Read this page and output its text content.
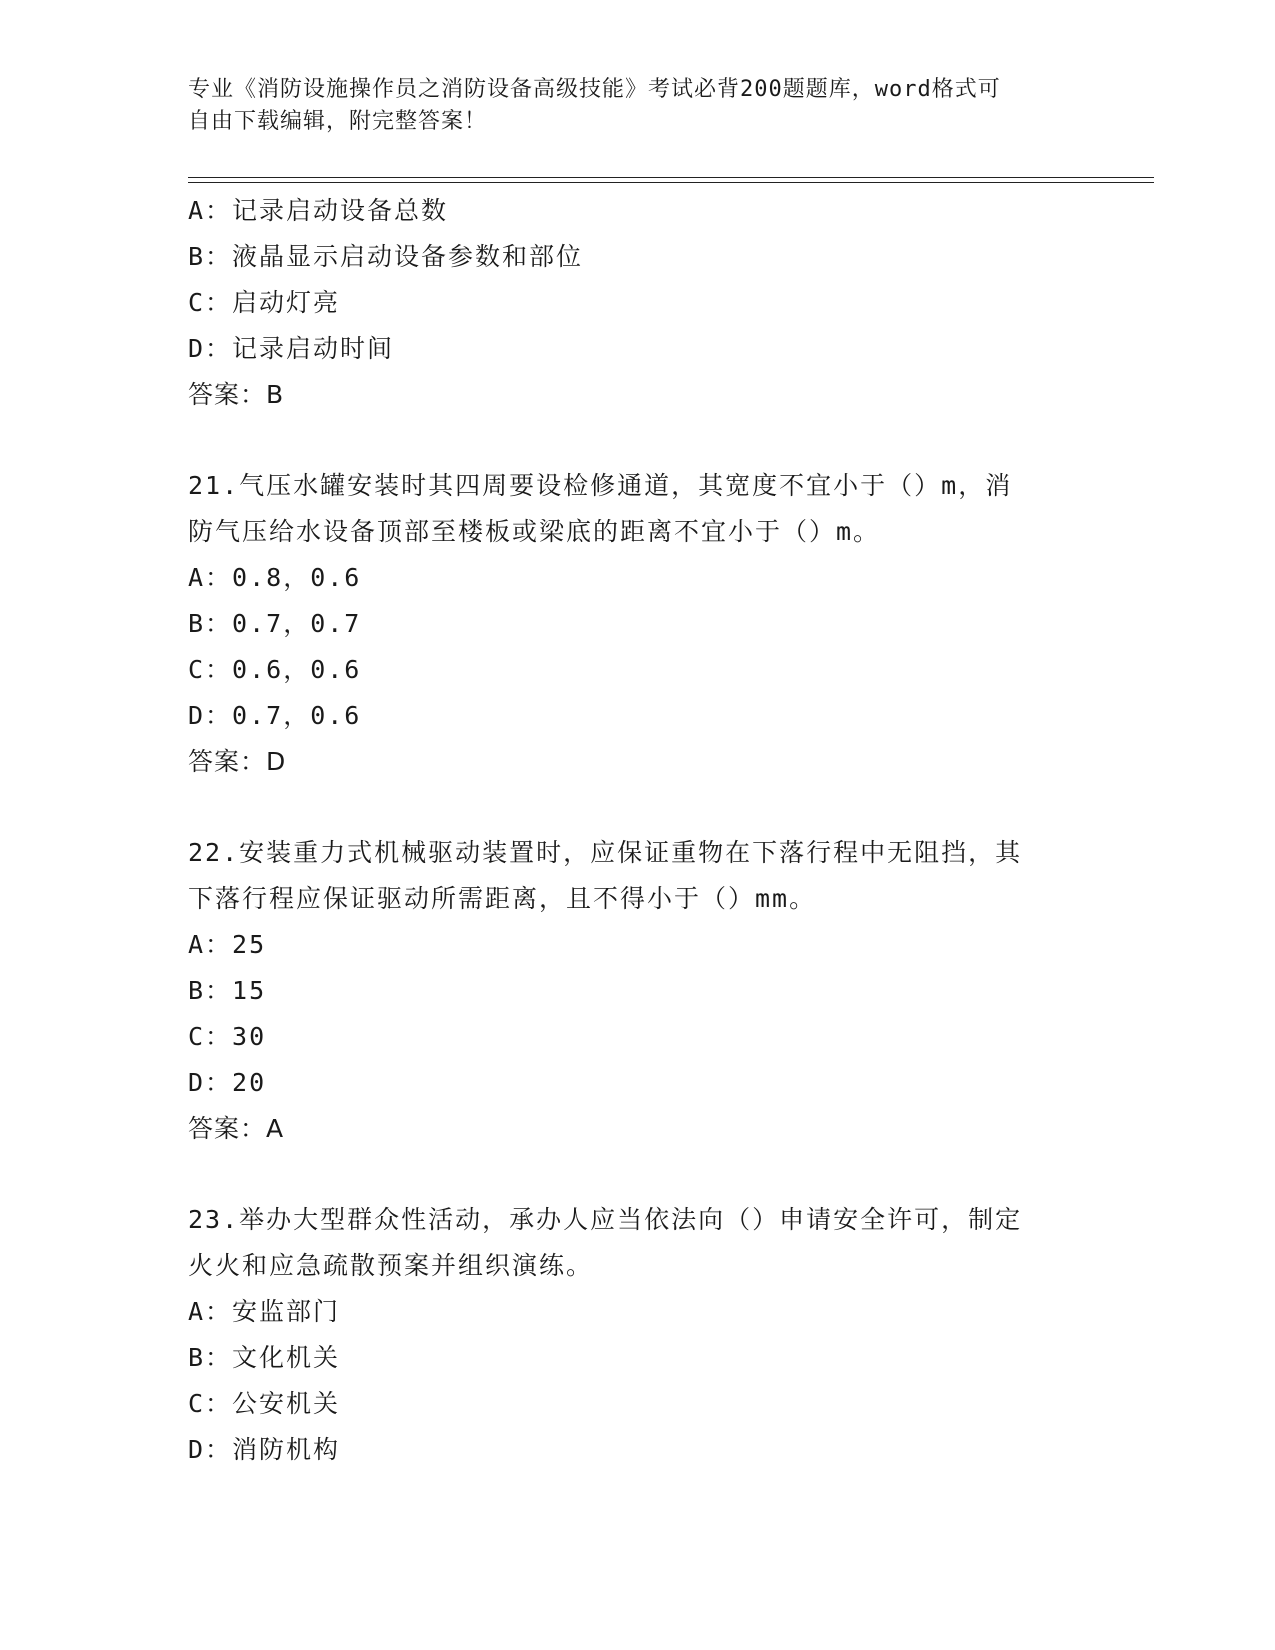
专业《消防设施操作员之消防设备高级技能》考试必背200题题库，word格式可
自由下载编辑，附完整答案！
A：记录启动设备总数
B：液晶显示启动设备参数和部位
C：启动灯亮
D：记录启动时间
答案：B
21.气压水罐安装时其四周要设检修通道，其宽度不宜小于（）m，消
防气压给水设备顶部至楼板或梁底的距离不宜小于（）m。
A：0.8，0.6
B：0.7，0.7
C：0.6，0.6
D：0.7，0.6
答案：D
22.安装重力式机械驱动装置时，应保证重物在下落行程中无阻挡，其
下落行程应保证驱动所需距离，且不得小于（）mm。
A：25
B：15
C：30
D：20
答案：A
23.举办大型群众性活动，承办人应当依法向（）申请安全许可，制定
火火和应急疏散预案并组织演练。
A：安监部门
B：文化机关
C：公安机关
D：消防机构
